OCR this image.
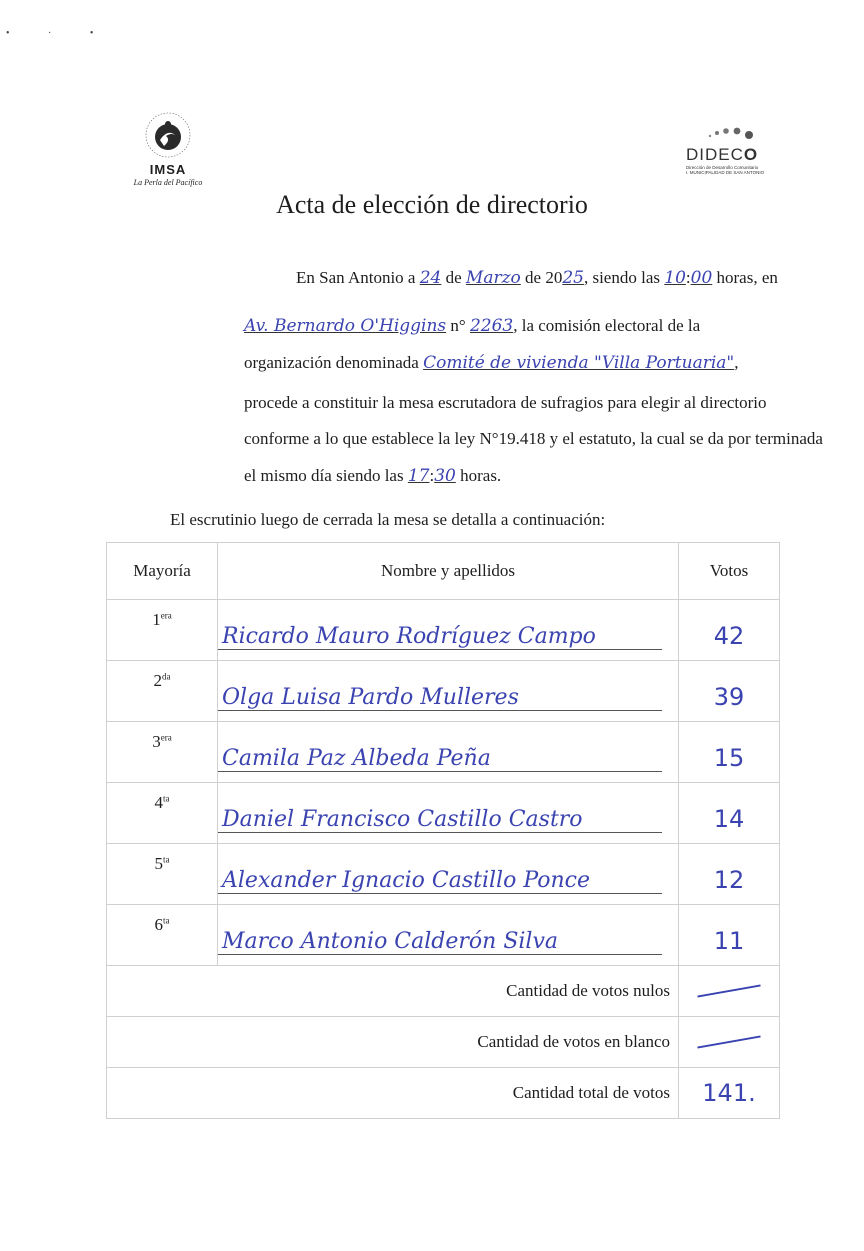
• · •
IMSA
La Perla del Pacífico
DIDECO
Dirección de Desarrollo Comunitario
I. MUNICIPALIDAD DE SAN ANTONIO
Acta de elección de directorio
En San Antonio a 24 de Marzo de 2025, siendo las 10:00 horas, en
Av. Bernardo O'Higgins n° 2263, la comisión electoral de la
organización denominada Comité de vivienda "Villa Portuaria",
procede a constituir la mesa escrutadora de sufragios para elegir al directorio
conforme a lo que establece la ley N°19.418 y el estatuto, la cual se da por terminada
el mismo día siendo las 17:30 horas.
El escrutinio luego de cerrada la mesa se detalla a continuación:
Mayoría	Nombre y apellidos	Votos
$1^{era}$	Ricardo Mauro Rodríguez Campo	42

$2^{da}$	Olga Luisa Pardo Mulleres	39

$3^{era}$	Camila Paz Albeda Peña	15

$4^{ta}$	Daniel Francisco Castillo Castro	14

$5^{ta}$	Alexander Ignacio Castillo Ponce	12

$6^{ta}$	Marco Antonio Calderón Silva	11

Cantidad de votos nulos		

Cantidad de votos en blanco		

Cantidad total de votos		141.
